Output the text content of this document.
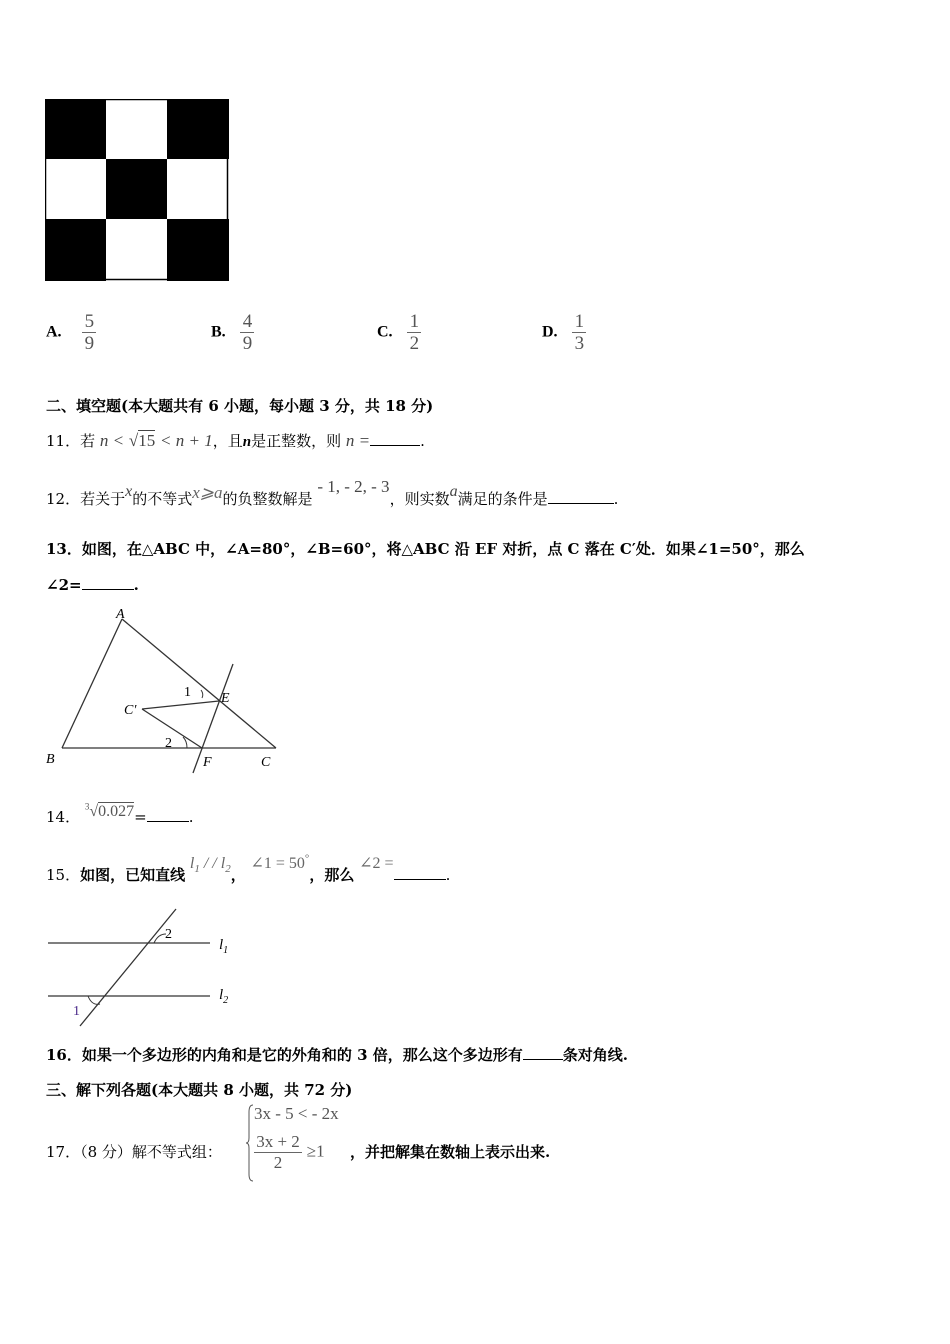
A. $\frac{5}{9}$	B. $\frac{4}{9}$	C. $\frac{1}{2}$	D. $\frac{1}{3}$
二、填空题(本大题共有 6 小题，每小题 3 分，共 18 分)
11．若 n < √15 < n + 1，且n是正整数，则 n =	.
12．若关于x的不等式x⩾a的负整数解是 - 1, - 2, - 3，则实数a满足的条件是	.
13．如图，在△ABC 中，∠A=80°，∠B=60°，将△ABC 沿 EF 对折，点 C 落在 C′处．如果∠1=50°，那么
∠2=	.
A
B	C
E
F
C′
1
2
14． $^3$√0.027=	.
15．如图，已知直线 $l_1$ / / $l_2$， ∠1 = 50°，那么 ∠2 =.
2
1
$l_1$
$l_2$
16．如果一个多边形的内角和是它的外角和的 3 倍，那么这个多边形有	条对角线.
三、解下列各题(本大题共 8 小题，共 72 分)
17．（8 分）解不等式组：
3x - 5 < - 2x
$\frac{3x + 2}{2} \ge 1$ ，并把解集在数轴上表示出来.
